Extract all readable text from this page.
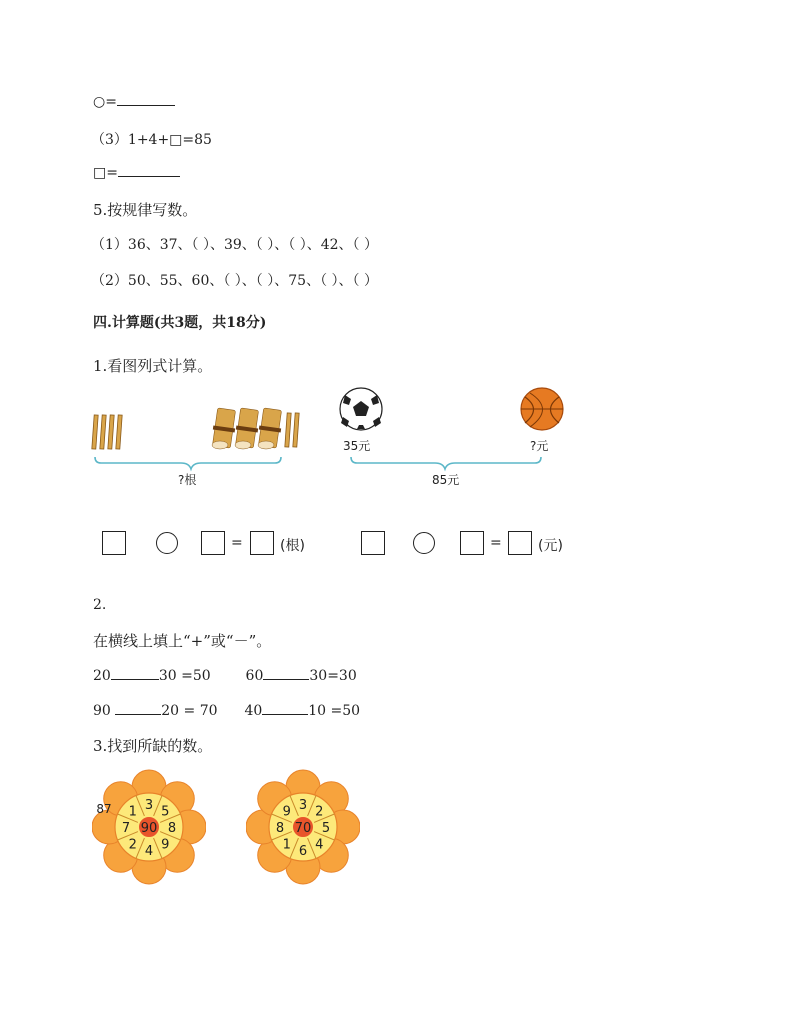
○=
（3）1+4+□=85
□=
5.按规律写数。
（1）36、37、（ ）、39、（ ）、（ ）、42、（ ）
（2）50、55、60、（ ）、（ ）、75、（ ）、（ ）
四.计算题(共3题，共18分)
1.看图列式计算。
?根
35元	?元
85元
=	(根)	=	(元)
2.
在横线上填上“+”或“－”。
20	30 =50 60	30=30
90	20 = 70 40	10 =50
3.找到所缺的数。
90
5
8
9
4
2
7
1 3
87
70
2
5
4
6
1
8
9 3
